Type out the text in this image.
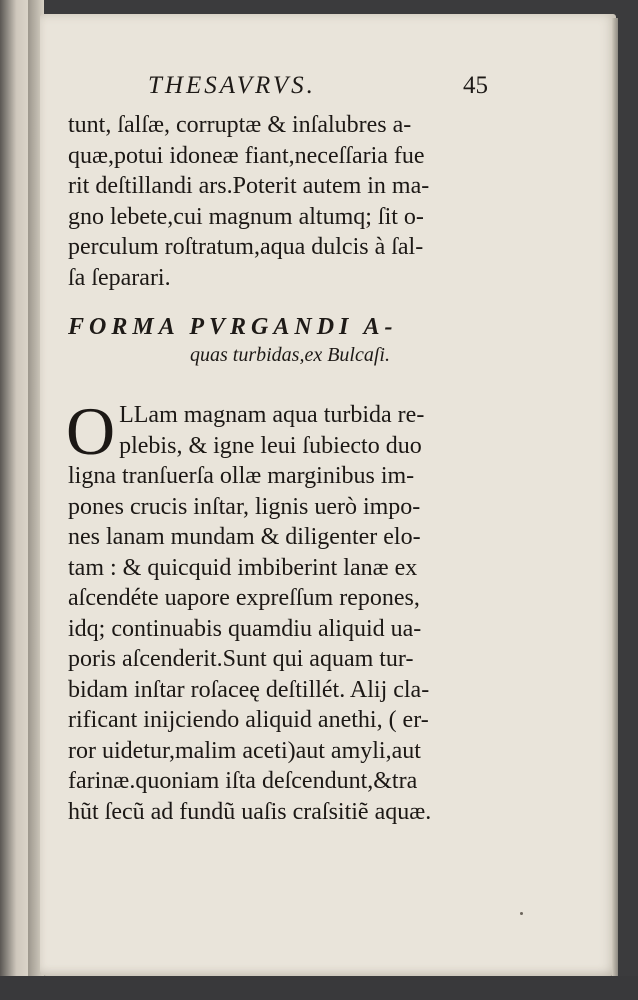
THESAVRVS.	45
tunt, ſalſæ, corruptæ & inſalubres a-
quæ,potui idoneæ fiant,neceſſaria fue
rit deſtillandi ars.Poterit autem in ma-
gno lebete,cui magnum altumq; ſit o-
perculum roſtratum,aqua dulcis à ſal-
ſa ſeparari.
FORMA PVRGANDI A-
quas turbidas,ex Bulcaſi.
O LLam magnam aqua turbida re-
plebis, & igne leui ſubiecto duo
ligna tranſuerſa ollæ marginibus im-
pones crucis inſtar, lignis uerò impo-
nes lanam mundam & diligenter elo-
tam : & quicquid imbiberint lanæ ex
aſcendéte uapore expreſſum repones,
idq; continuabis quamdiu aliquid ua-
poris aſcenderit.Sunt qui aquam tur-
bidam inſtar roſaceę deſtillét. Alij cla-
rificant inijciendo aliquid anethi, ( er-
ror uidetur,malim aceti)aut amyli,aut
farinæ.quoniam iſta deſcendunt,&tra
hũt ſecũ ad fundũ uaſis craſsitiẽ aquæ.
